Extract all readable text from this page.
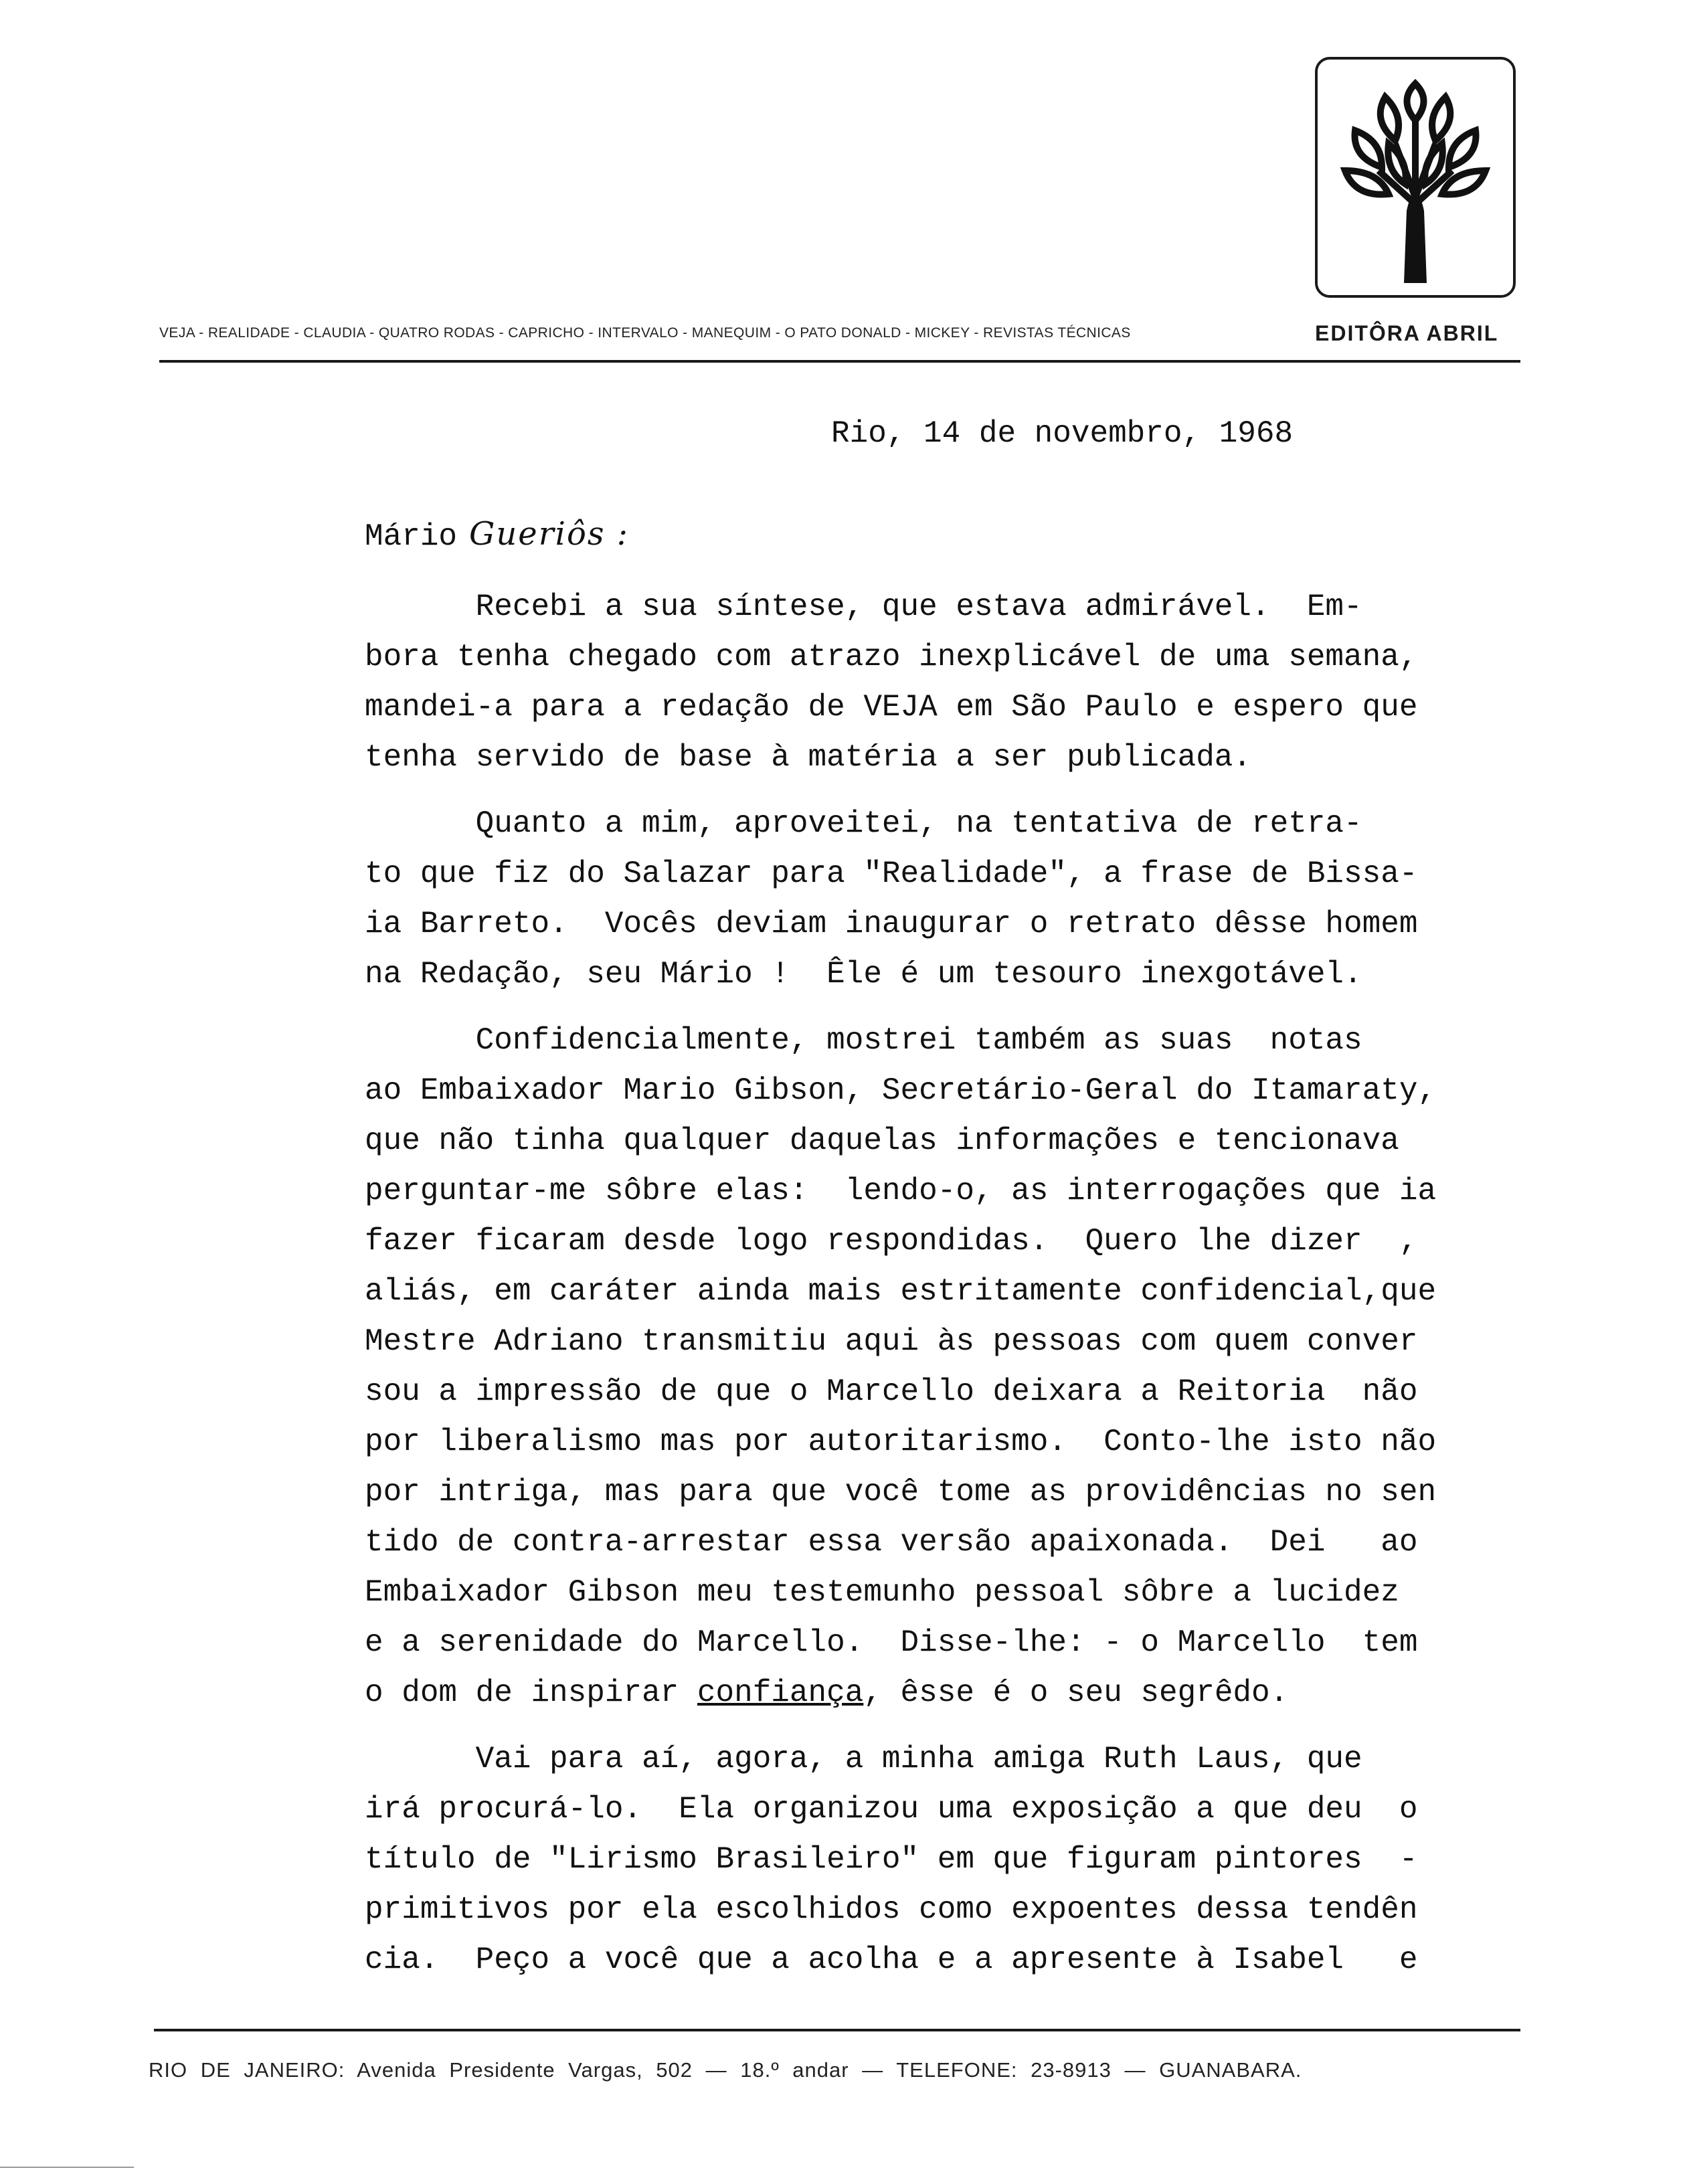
VEJA - REALIDADE - CLAUDIA - QUATRO RODAS - CAPRICHO - INTERVALO - MANEQUIM - O PATO DONALD - MICKEY - REVISTAS TÉCNICAS	EDITÔRA ABRIL
Rio, 14 de novembro, 1968
Mário Gueriôs :
Recebi a sua síntese, que estava admirável.  Em-
bora tenha chegado com atrazo inexplicável de uma semana,
mandei-a para a redação de VEJA em São Paulo e espero que
tenha servido de base à matéria a ser publicada.
Quanto a mim, aproveitei, na tentativa de retra-
to que fiz do Salazar para "Realidade", a frase de Bissa-
ia Barreto.  Vocês deviam inaugurar o retrato dêsse homem
na Redação, seu Mário !  Êle é um tesouro inexgotável.
Confidencialmente, mostrei também as suas  notas
ao Embaixador Mario Gibson, Secretário-Geral do Itamaraty,
que não tinha qualquer daquelas informações e tencionava
perguntar-me sôbre elas:  lendo-o, as interrogações que ia
fazer ficaram desde logo respondidas.  Quero lhe dizer  ,
aliás, em caráter ainda mais estritamente confidencial,que
Mestre Adriano transmitiu aqui às pessoas com quem conver
sou a impressão de que o Marcello deixara a Reitoria  não
por liberalismo mas por autoritarismo.  Conto-lhe isto não
por intriga, mas para que você tome as providências no sen
tido de contra-arrestar essa versão apaixonada.  Dei   ao
Embaixador Gibson meu testemunho pessoal sôbre a lucidez
e a serenidade do Marcello.  Disse-lhe: - o Marcello  tem
o dom de inspirar confiança, êsse é o seu segrêdo.
Vai para aí, agora, a minha amiga Ruth Laus, que
irá procurá-lo.  Ela organizou uma exposição a que deu  o
título de "Lirismo Brasileiro" em que figuram pintores  -
primitivos por ela escolhidos como expoentes dessa tendên
cia.  Peço a você que a acolha e a apresente à Isabel   e
RIO DE JANEIRO: Avenida Presidente Vargas, 502 — 18.º andar — TELEFONE: 23-8913 — GUANABARA.
